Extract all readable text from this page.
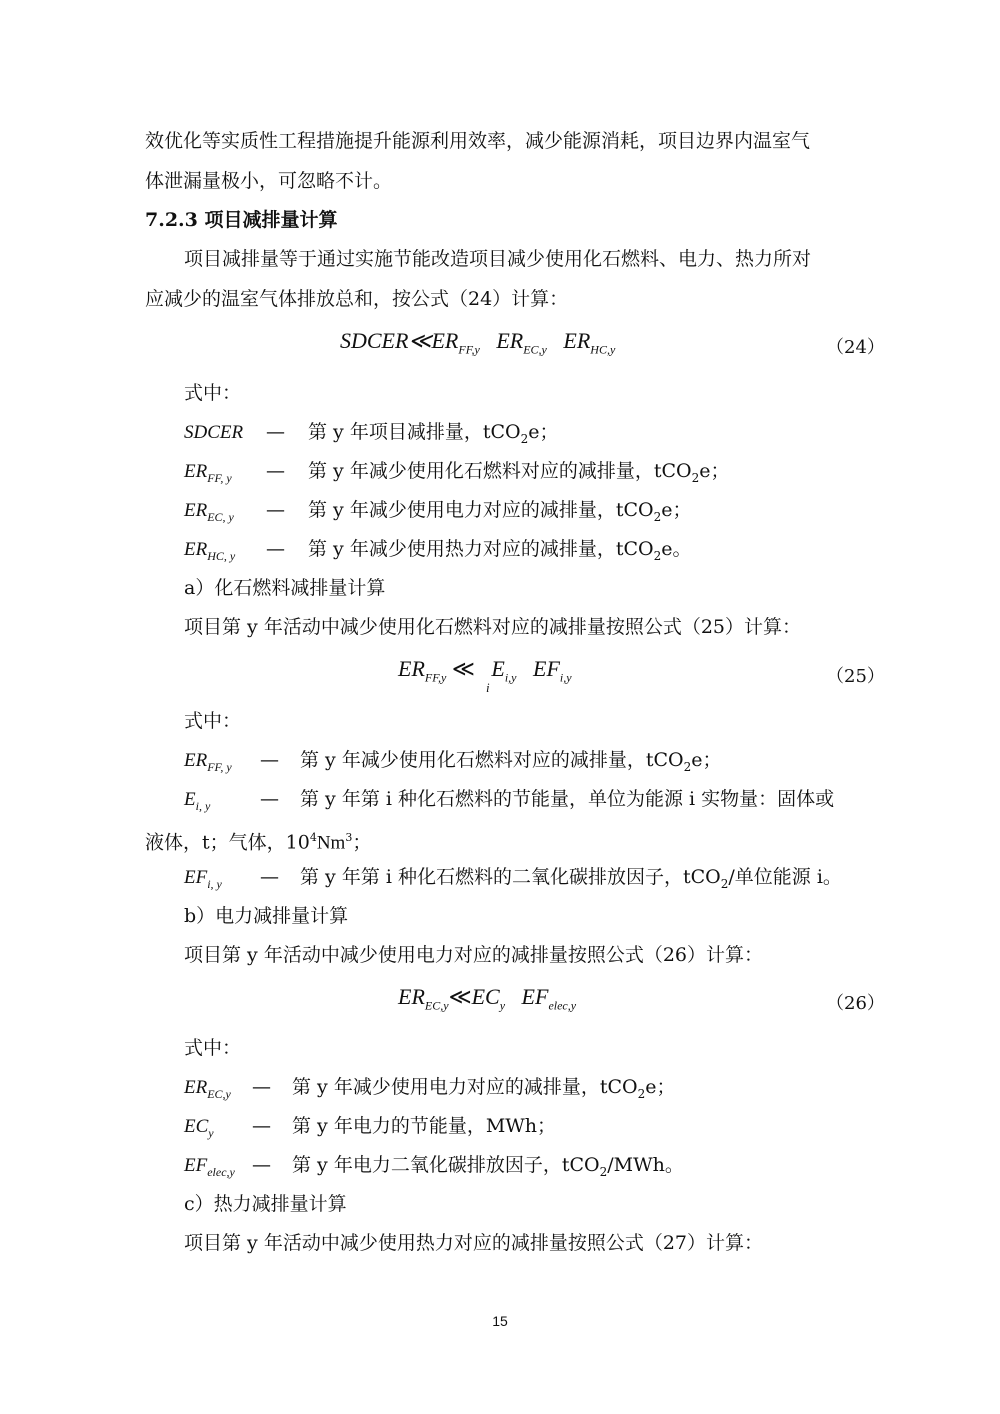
效优化等实质性工程措施提升能源利用效率，减少能源消耗，项目边界内温室气
体泄漏量极小，可忽略不计。
7.2.3 项目减排量计算
项目减排量等于通过实施节能改造项目减少使用化石燃料、电力、热力所对
应减少的温室气体排放总和，按公式（24）计算：
$SDCER≪ER_{FF,y}$ $ER_{EC,y}$ $ER_{HC,y}$	（24）
式中：
SDCER — 第 y 年项目减排量，tCO$_2$e；
$ER_{FF, y}$ — 第 y 年减少使用化石燃料对应的减排量，tCO$_2$e；
$ER_{EC, y}$ — 第 y 年减少使用电力对应的减排量，tCO$_2$e；
$ER_{HC, y}$ — 第 y 年减少使用热力对应的减排量，tCO$_2$e。
a）化石燃料减排量计算
项目第 y 年活动中减少使用化石燃料对应的减排量按照公式（25）计算：
$ER_{FF,y}$ ≪ $E_{i,y}$ $EF_{i,y}$
i
（25）
式中：
$ER_{FF, y}$ — 第 y 年减少使用化石燃料对应的减排量，tCO$_2$e；
$E_{i, y}$	— 第 y 年第 i 种化石燃料的节能量，单位为能源 i 实物量：固体或
液体，t；气体，$10^4Nm^3$；
$EF_{i, y}$ — 第 y 年第 i 种化石燃料的二氧化碳排放因子，tCO$_2$/单位能源 i。
b）电力减排量计算
项目第 y 年活动中减少使用电力对应的减排量按照公式（26）计算：
$ER_{EC,y}≪EC_y$ $EF_{elec,y}$	（26）
式中：
$ER_{EC,y}$ — 第 y 年减少使用电力对应的减排量，tCO$_2$e；
$EC_y$ — 第 y 年电力的节能量，MWh；
$EF_{elec,y}$ — 第 y 年电力二氧化碳排放因子，tCO$_2$/MWh。
c）热力减排量计算
项目第 y 年活动中减少使用热力对应的减排量按照公式（27）计算：
15
